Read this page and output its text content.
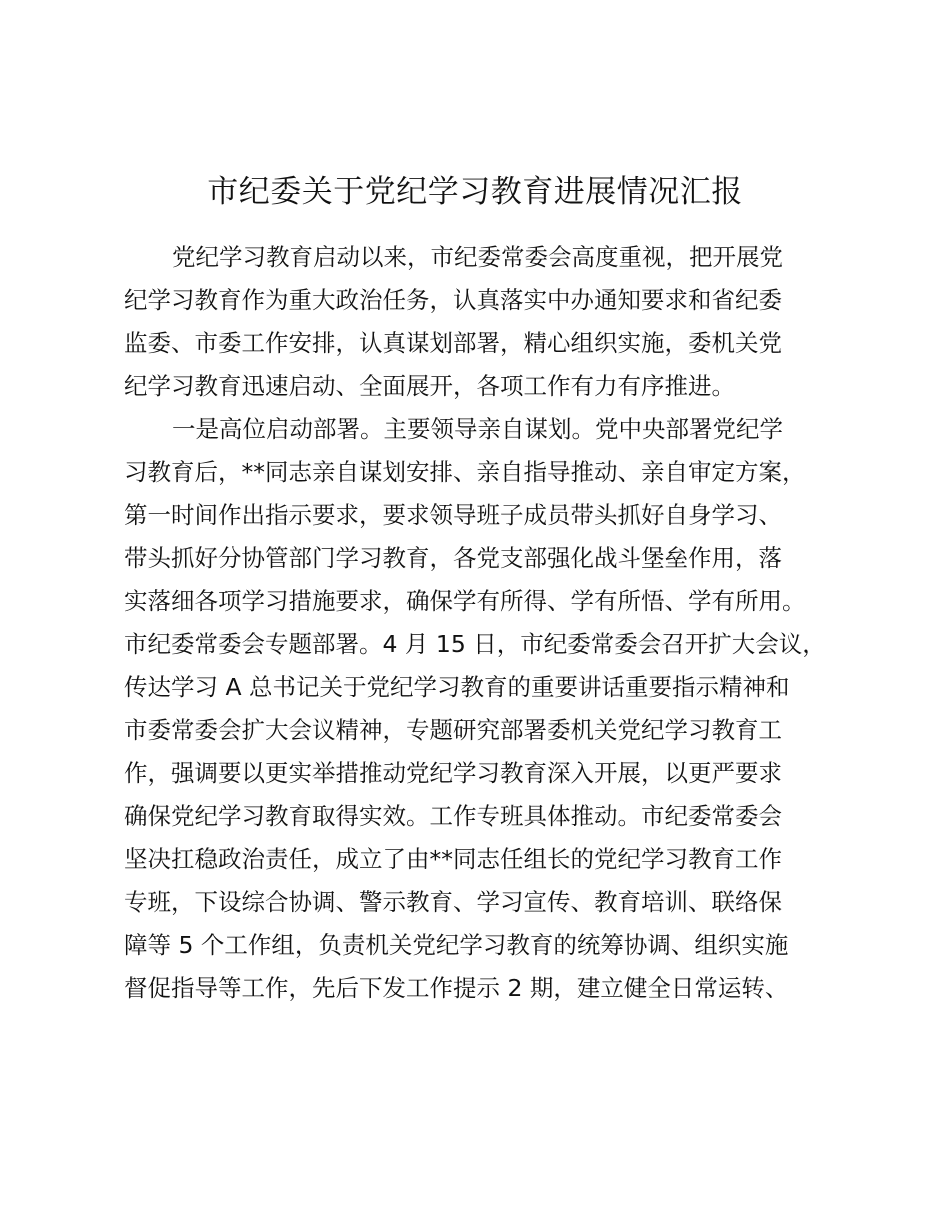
市纪委关于党纪学习教育进展情况汇报

党纪学习教育启动以来，市纪委常委会高度重视，把开展党
纪学习教育作为重大政治任务，认真落实中办通知要求和省纪委
监委、市委工作安排，认真谋划部署，精心组织实施，委机关党
纪学习教育迅速启动、全面展开，各项工作有力有序推进。

一是高位启动部署。主要领导亲自谋划。党中央部署党纪学
习教育后，**同志亲自谋划安排、亲自指导推动、亲自审定方案，
第一时间作出指示要求，要求领导班子成员带头抓好自身学习、
带头抓好分协管部门学习教育，各党支部强化战斗堡垒作用，落
实落细各项学习措施要求，确保学有所得、学有所悟、学有所用。
市纪委常委会专题部署。4 月 15 日，市纪委常委会召开扩大会议，
传达学习 A 总书记关于党纪学习教育的重要讲话重要指示精神和
市委常委会扩大会议精神，专题研究部署委机关党纪学习教育工
作，强调要以更实举措推动党纪学习教育深入开展，以更严要求
确保党纪学习教育取得实效。工作专班具体推动。市纪委常委会
坚决扛稳政治责任，成立了由**同志任组长的党纪学习教育工作
专班，下设综合协调、警示教育、学习宣传、教育培训、联络保
障等 5 个工作组，负责机关党纪学习教育的统筹协调、组织实施
督促指导等工作，先后下发工作提示 2 期，建立健全日常运转、
